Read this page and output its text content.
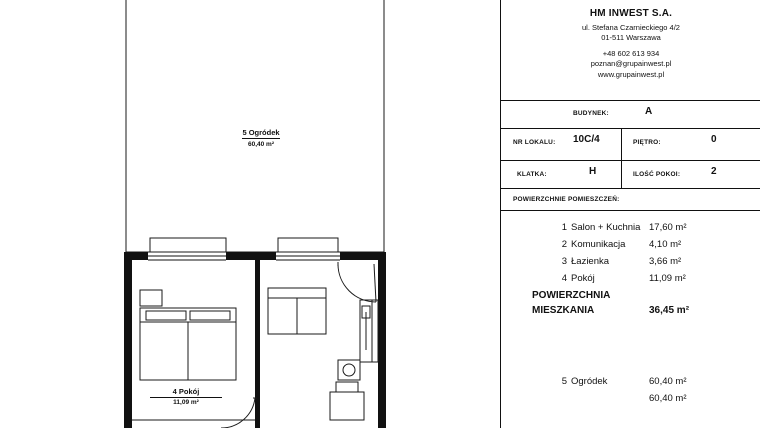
5 Ogródek
60,40 m²
4 Pokój
11,09 m²
HM INWEST S.A.
ul. Stefana Czarnieckiego 4/2
01-511 Warszawa
+48 602 613 934
poznan@grupainwest.pl
www.grupainwest.pl
BUDYNEK:	A
NR LOKALU: 10C/4	PIĘTRO:	0
KLATKA:	H	ILOŚĆ POKOI:	2
POWIERZCHNIE POMIESZCZEŃ:
1 Salon + Kuchnia 17,60 m²
2 Komunikacja 4,10 m²
3 Łazienka	3,66 m²
4 Pokój	11,09 m²
POWIERZCHNIA
MIESZKANIA	36,45 m²
5 Ogródek	60,40 m²
60,40 m²
